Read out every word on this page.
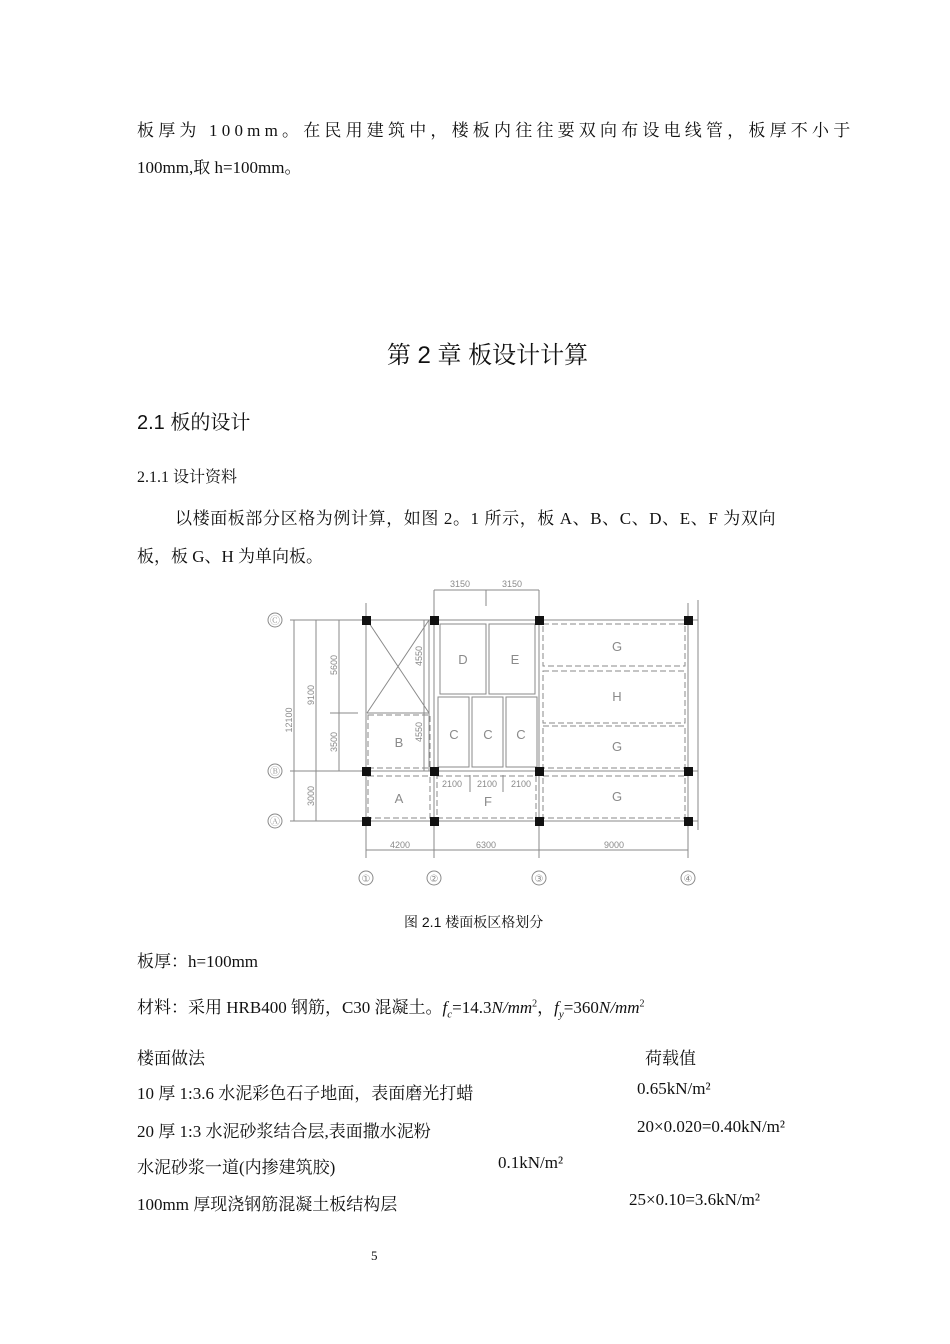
板厚为 100mm。在民用建筑中，楼板内往往要双向布设电线管，板厚不小于
100mm,取 h=100mm。
第 2 章 板设计计算
2.1 板的设计
2.1.1 设计资料
以楼面板部分区格为例计算，如图 2。1 所示，板 A、B、C、D、E、F 为双向
板，板 G、H 为单向板。
Ⓒ
Ⓑ
Ⓐ
①	②	③	④
3150	3150
4200	6300	9000
2100 2100 2100
12100
9100
5600
3500
3000
4550
4550
B
A
D	E
C C C
F
G
H
G
G
图 2.1 楼面板区格划分
板厚：h=100mm
材料：采用 HRB400 钢筋，C30 混凝土。$f_c=14.3N/mm^2$，$f_y=360N/mm^2$
楼面做法	荷载值
10 厚 1:3.6 水泥彩色石子地面，表面磨光打蜡	0.65kN/m²
20 厚 1:3 水泥砂浆结合层,表面撒水泥粉	20×0.020=0.40kN/m²
水泥砂浆一道(内掺建筑胶)	0.1kN/m²
100mm 厚现浇钢筋混凝土板结构层	25×0.10=3.6kN/m²
5
